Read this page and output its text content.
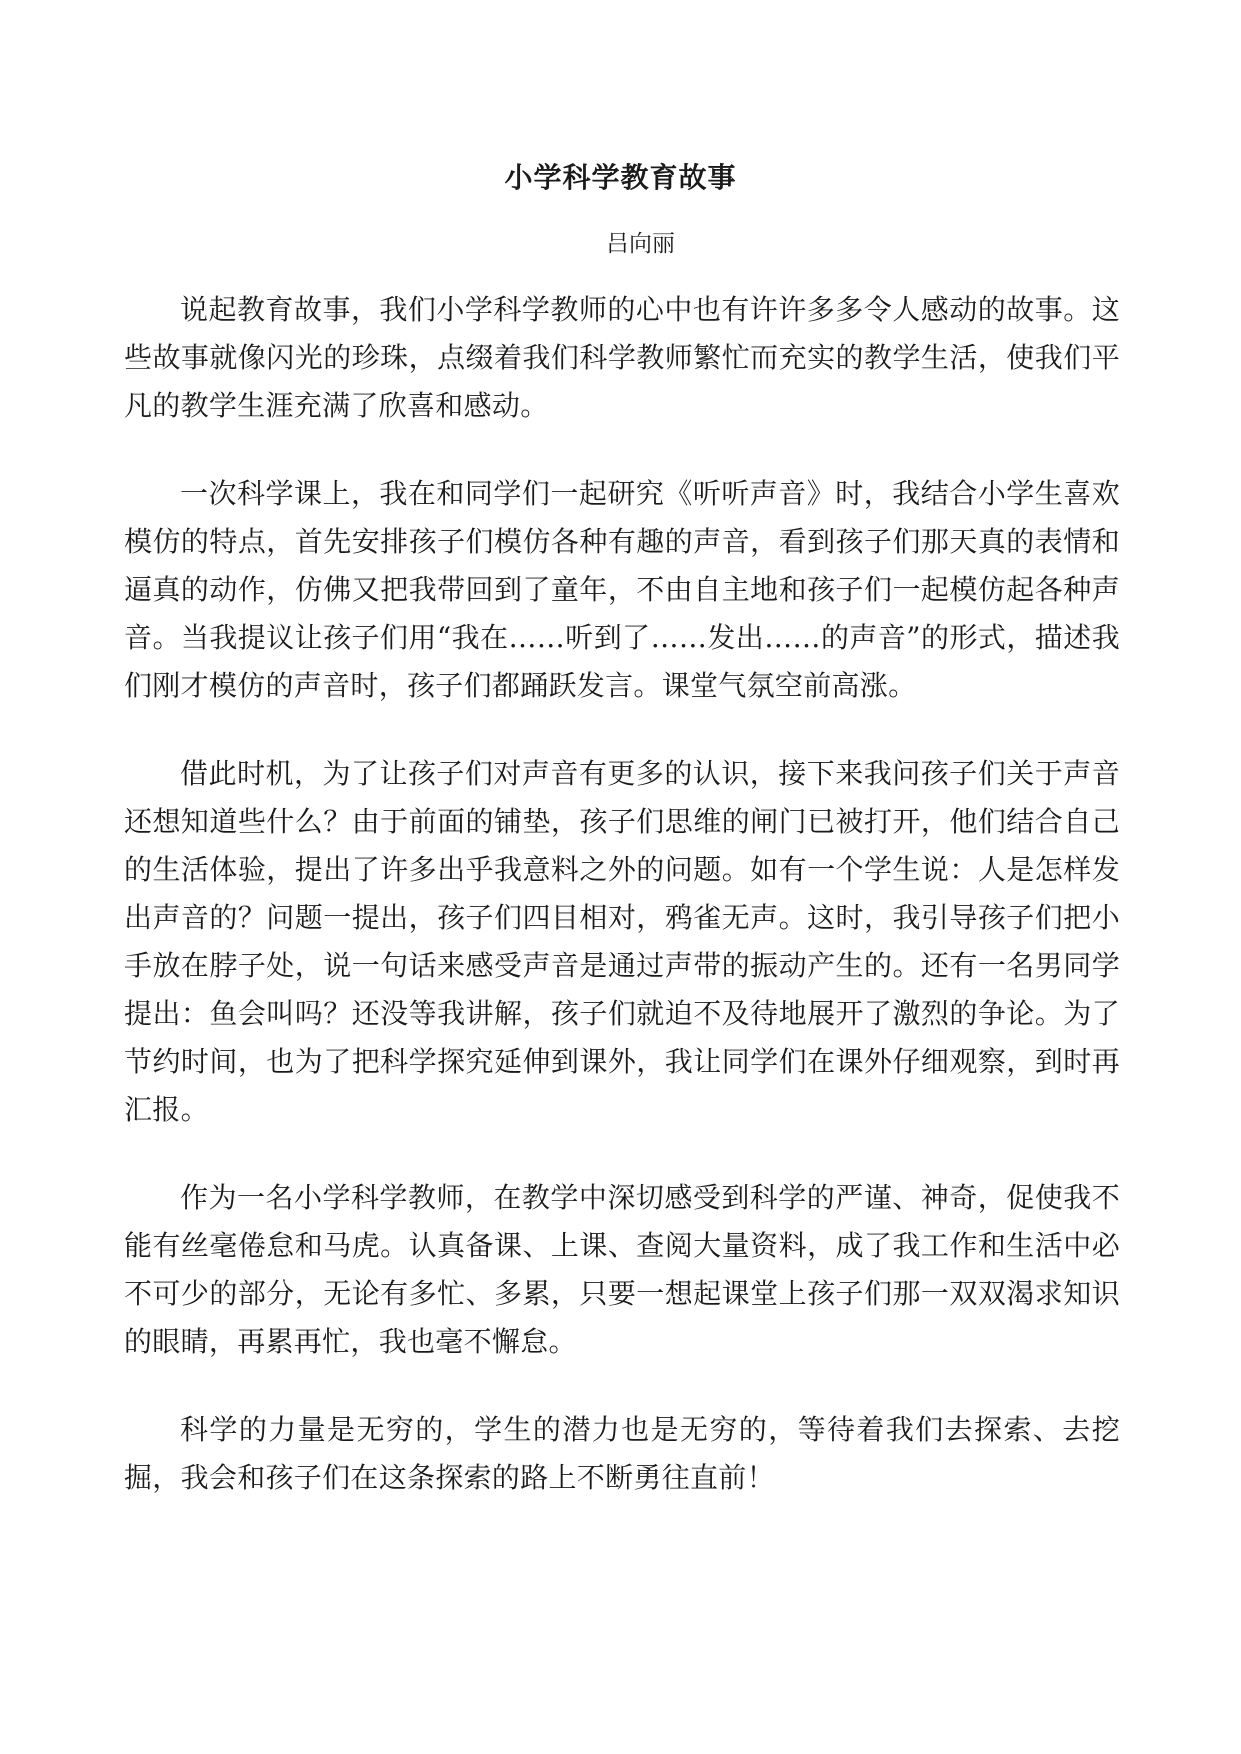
小学科学教育故事
吕向丽

说起教育故事，我们小学科学教师的心中也有许许多多令人感动的故事。这些故事就像闪光的珍珠，点缀着我们科学教师繁忙而充实的教学生活，使我们平凡的教学生涯充满了欣喜和感动。

一次科学课上，我在和同学们一起研究《听听声音》时，我结合小学生喜欢模仿的特点，首先安排孩子们模仿各种有趣的声音，看到孩子们那天真的表情和逼真的动作，仿佛又把我带回到了童年，不由自主地和孩子们一起模仿起各种声音。当我提议让孩子们用“我在……听到了……发出……的声音”的形式，描述我们刚才模仿的声音时，孩子们都踊跃发言。课堂气氛空前高涨。

借此时机，为了让孩子们对声音有更多的认识，接下来我问孩子们关于声音还想知道些什么？由于前面的铺垫，孩子们思维的闸门已被打开，他们结合自己的生活体验，提出了许多出乎我意料之外的问题。如有一个学生说：人是怎样发出声音的？问题一提出，孩子们四目相对，鸦雀无声。这时，我引导孩子们把小手放在脖子处，说一句话来感受声音是通过声带的振动产生的。还有一名男同学提出：鱼会叫吗？还没等我讲解，孩子们就迫不及待地展开了激烈的争论。为了节约时间，也为了把科学探究延伸到课外，我让同学们在课外仔细观察，到时再汇报。

作为一名小学科学教师，在教学中深切感受到科学的严谨、神奇，促使我不能有丝毫倦怠和马虎。认真备课、上课、查阅大量资料，成了我工作和生活中必不可少的部分，无论有多忙、多累，只要一想起课堂上孩子们那一双双渴求知识的眼睛，再累再忙，我也毫不懈怠。

科学的力量是无穷的，学生的潜力也是无穷的，等待着我们去探索、去挖掘，我会和孩子们在这条探索的路上不断勇往直前！
